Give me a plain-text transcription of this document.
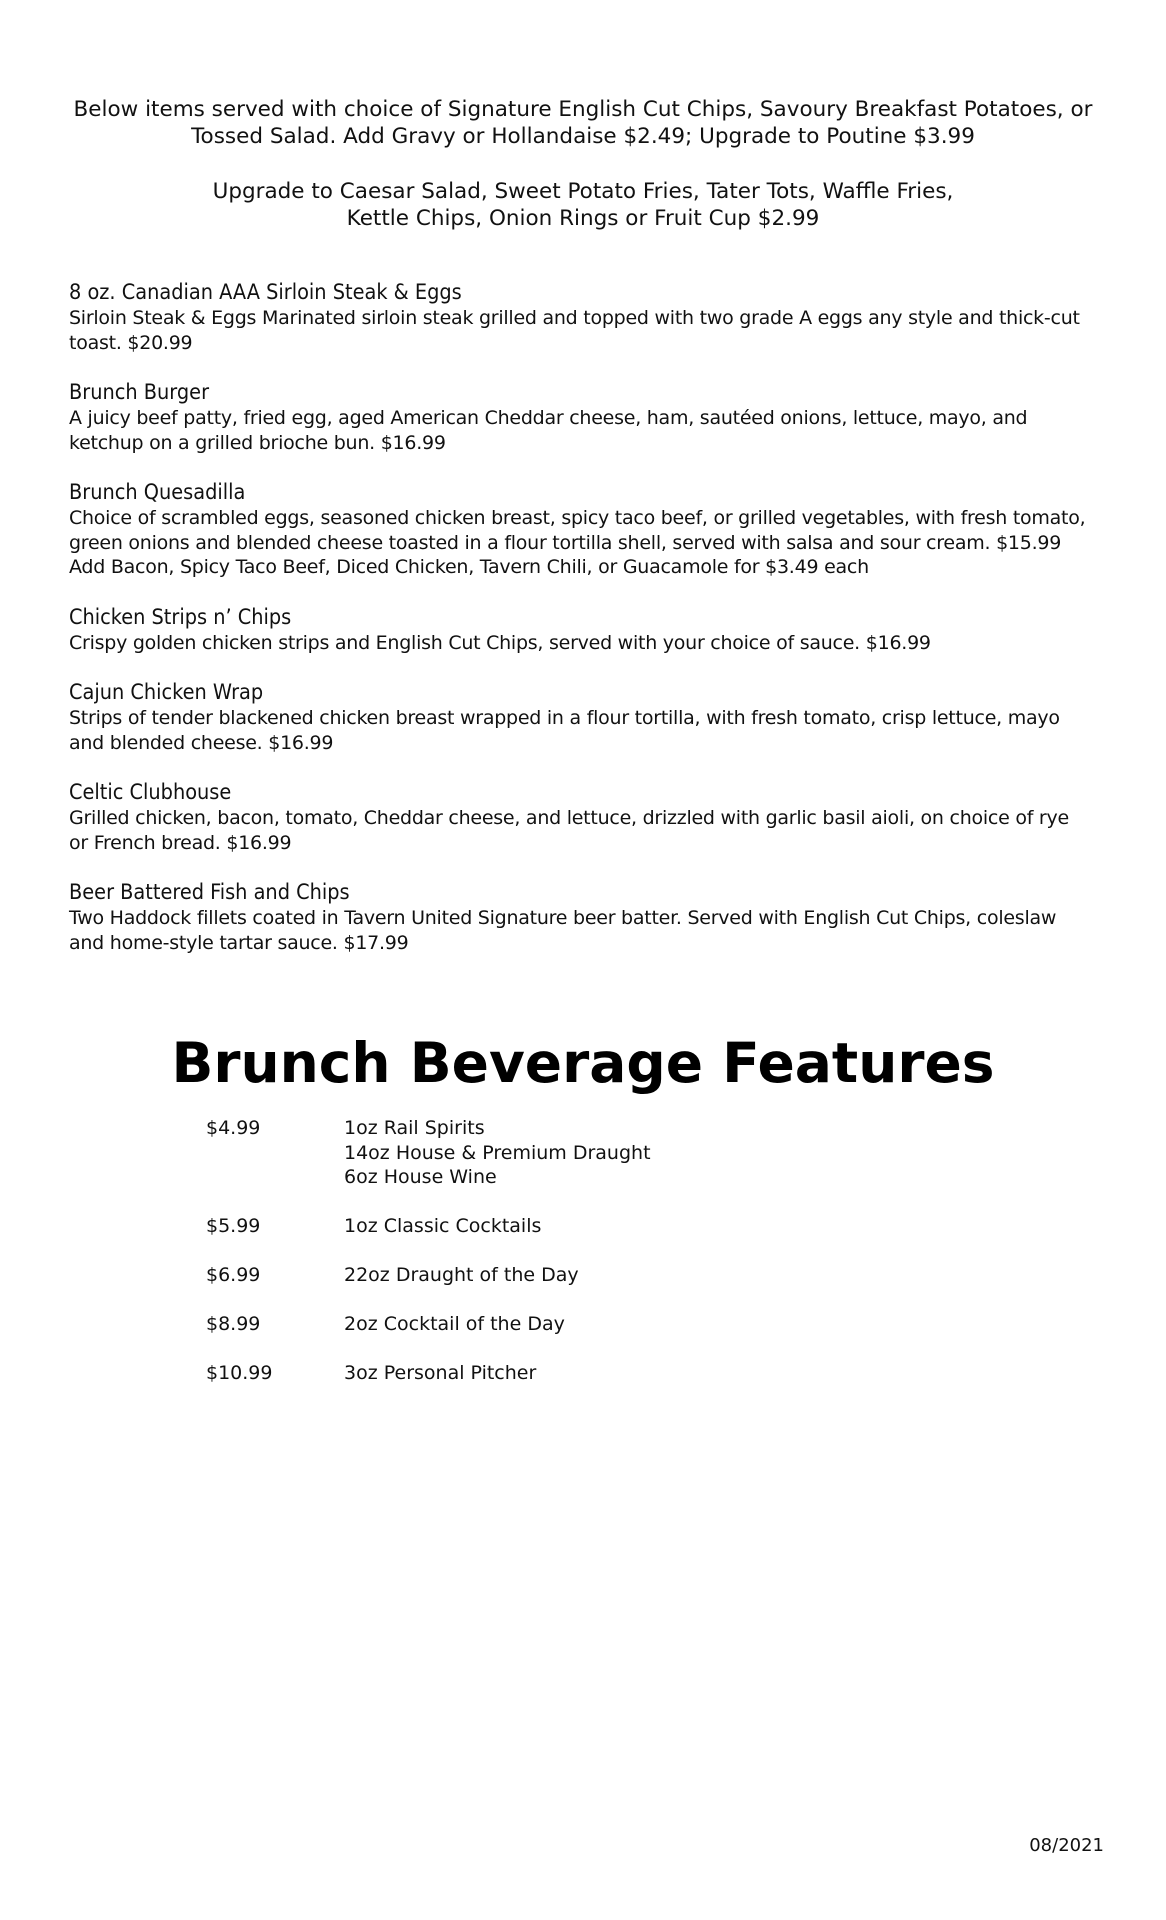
Below items served with choice of Signature English Cut Chips, Savoury Breakfast Potatoes, or

Tossed Salad. Add Gravy or Hollandaise $2.49; Upgrade to Poutine $3.99

Upgrade to Caesar Salad, Sweet Potato Fries, Tater Tots, Waffle Fries,

Kettle Chips, Onion Rings or Fruit Cup $2.99

8 oz. Canadian AAA Sirloin Steak & Eggs
Sirloin Steak & Eggs Marinated sirloin steak grilled and topped with two grade A eggs any style and thick-cut
toast. $20.99
Brunch Burger
A juicy beef patty, fried egg, aged American Cheddar cheese, ham, sautéed onions, lettuce, mayo, and
ketchup on a grilled brioche bun. $16.99
Brunch Quesadilla
Choice of scrambled eggs, seasoned chicken breast, spicy taco beef, or grilled vegetables, with fresh tomato,
green onions and blended cheese toasted in a flour tortilla shell, served with salsa and sour cream. $15.99
Add Bacon, Spicy Taco Beef, Diced Chicken, Tavern Chili, or Guacamole for $3.49 each
Chicken Strips n’ Chips
Crispy golden chicken strips and English Cut Chips, served with your choice of sauce. $16.99
Cajun Chicken Wrap
Strips of tender blackened chicken breast wrapped in a flour tortilla, with fresh tomato, crisp lettuce, mayo
and blended cheese. $16.99
Celtic Clubhouse
Grilled chicken, bacon, tomato, Cheddar cheese, and lettuce, drizzled with garlic basil aioli, on choice of rye
or French bread. $16.99
Beer Battered Fish and Chips
Two Haddock fillets coated in Tavern United Signature beer batter. Served with English Cut Chips, coleslaw
and home-style tartar sauce. $17.99
Brunch Beverage Features
$4.99	1oz Rail Spirits
14oz House & Premium Draught
6oz House Wine
$5.99	1oz Classic Cocktails
$6.99	22oz Draught of the Day
$8.99	2oz Cocktail of the Day
$10.99	3oz Personal Pitcher
08/2021
